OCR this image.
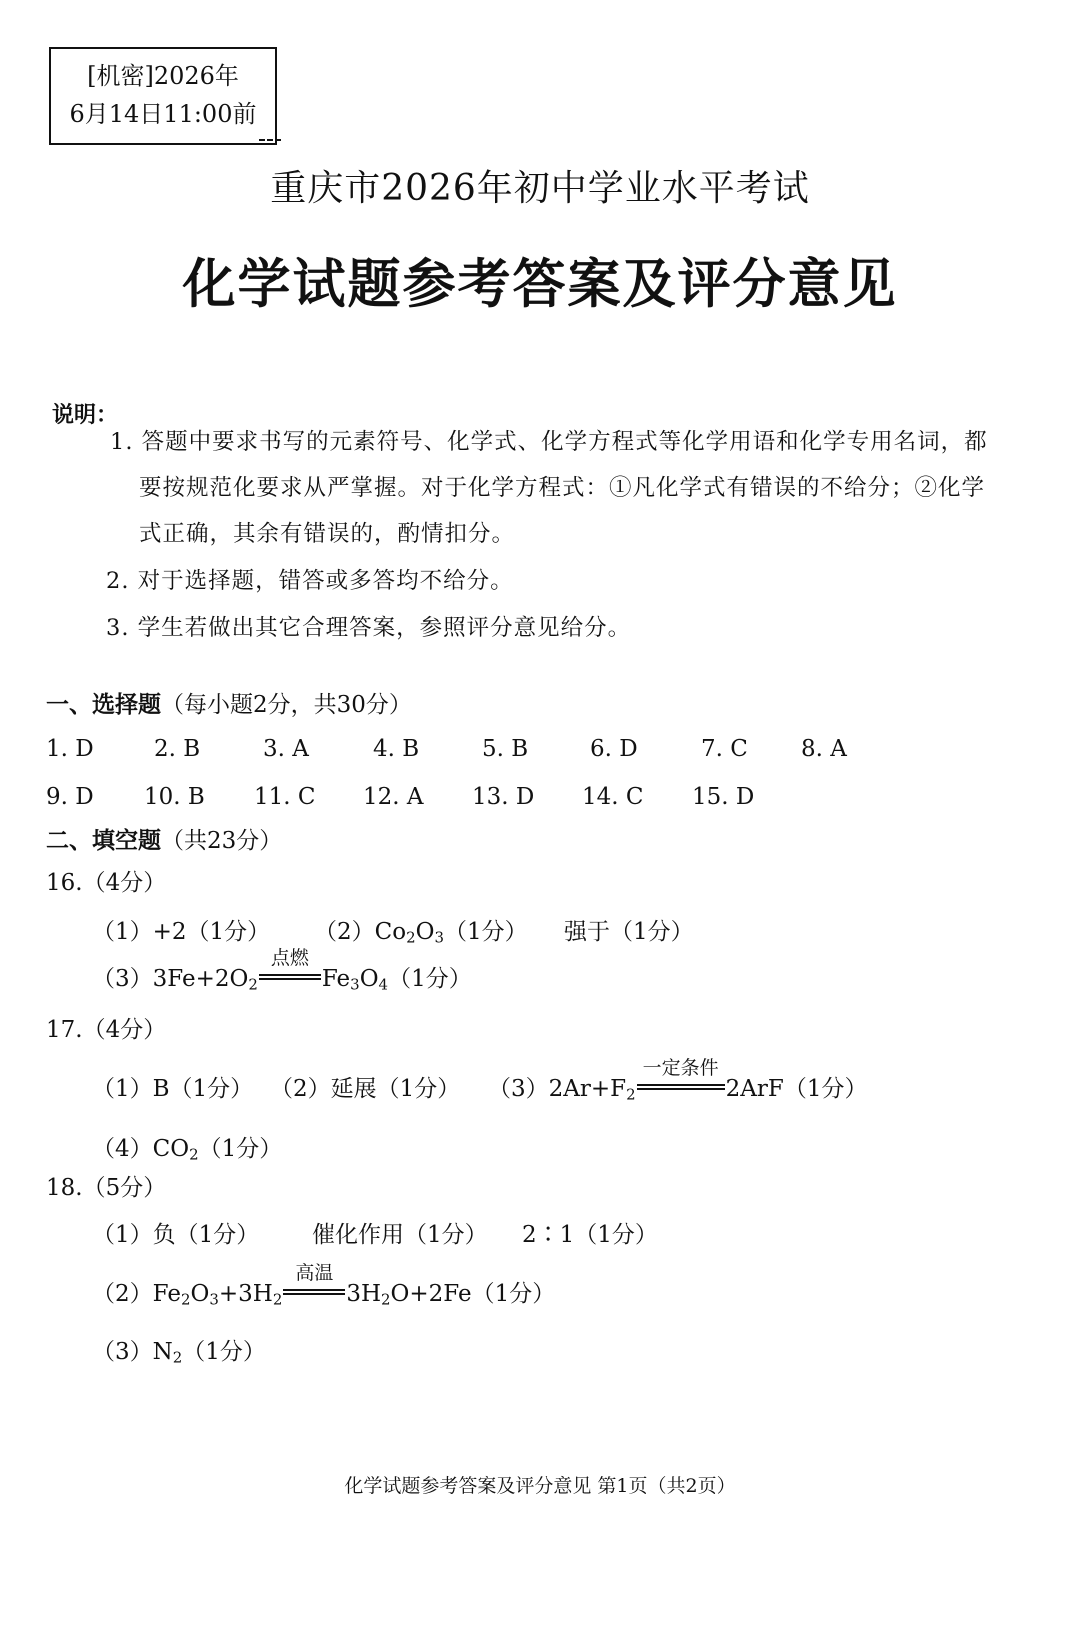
[机密]2026年
6月14日11:00前
重庆市2026年初中学业水平考试
化学试题参考答案及评分意见
说明：
1. 答题中要求书写的元素符号、化学式、化学方程式等化学用语和化学专用名词，都
要按规范化要求从严掌握。对于化学方程式：①凡化学式有错误的不给分；②化学
式正确，其余有错误的，酌情扣分。
2. 对于选择题，错答或多答均不给分。
3. 学生若做出其它合理答案，参照评分意见给分。
一、选择题（每小题2分，共30分）
1. D	2. B	3. A	4. B	5. B	6. D	7. C 8. A
9. D 10. B 11. C 12. A 13. D 14. C 15. D
二、填空题（共23分）
16.（4分）
（1）+2（1分） $(2)Co_2O_3(1$分） 强于（1分）
$(3)3Fe+2O_2$
点燃
$Fe_3O_4(1$分）
17.（4分）
（1）B（1分） （2）延展（1分） $(3)2Ar+F_2$
一定条件
2ArF（1分）
$(4)CO_2(1$分）
18.（5分）
（1）负（1分） 催化作用（1分） 2∶1（1分）
$(2)Fe_2O_3+3H_2$
高温
$3H_2O+2Fe(1$分）
$(3)N_2(1$分）
化学试题参考答案及评分意见 第1页（共2页）
